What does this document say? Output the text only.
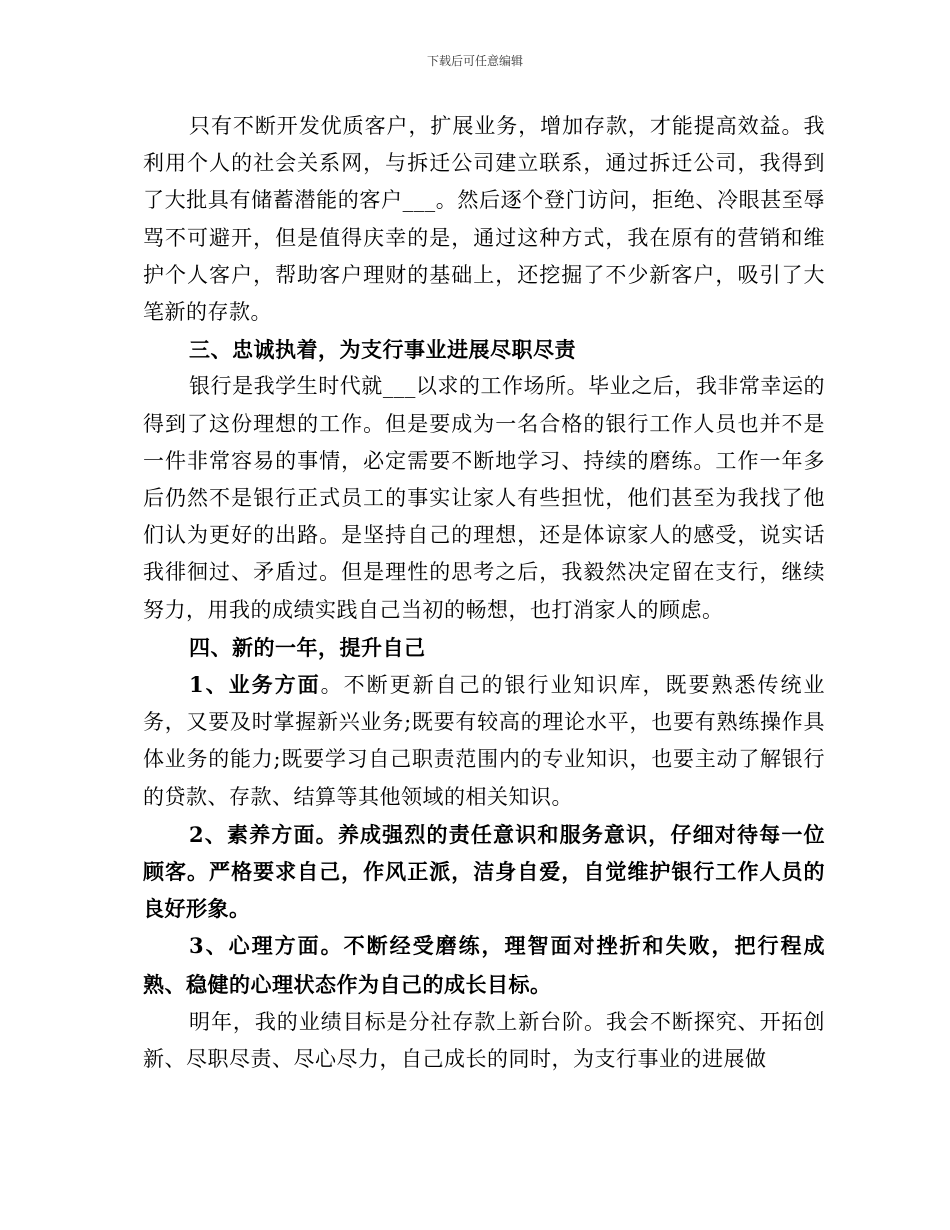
下载后可任意编辑

只有不断开发优质客户，扩展业务，增加存款，才能提高效益。我利用个人的社会关系网，与拆迁公司建立联系，通过拆迁公司，我得到了大批具有储蓄潜能的客户___。然后逐个登门访问，拒绝、冷眼甚至辱骂不可避开，但是值得庆幸的是，通过这种方式，我在原有的营销和维护个人客户，帮助客户理财的基础上，还挖掘了不少新客户，吸引了大笔新的存款。

三、忠诚执着，为支行事业进展尽职尽责

银行是我学生时代就___以求的工作场所。毕业之后，我非常幸运的得到了这份理想的工作。但是要成为一名合格的银行工作人员也并不是一件非常容易的事情，必定需要不断地学习、持续的磨练。工作一年多后仍然不是银行正式员工的事实让家人有些担忧，他们甚至为我找了他们认为更好的出路。是坚持自己的理想，还是体谅家人的感受，说实话我徘徊过、矛盾过。但是理性的思考之后，我毅然决定留在支行，继续努力，用我的成绩实践自己当初的畅想，也打消家人的顾虑。

四、新的一年，提升自己

1、业务方面。不断更新自己的银行业知识库，既要熟悉传统业务，又要及时掌握新兴业务;既要有较高的理论水平，也要有熟练操作具体业务的能力;既要学习自己职责范围内的专业知识，也要主动了解银行的贷款、存款、结算等其他领域的相关知识。

2、素养方面。养成强烈的责任意识和服务意识，仔细对待每一位顾客。严格要求自己，作风正派，洁身自爱，自觉维护银行工作人员的良好形象。

3、心理方面。不断经受磨练，理智面对挫折和失败，把行程成熟、稳健的心理状态作为自己的成长目标。

明年，我的业绩目标是分社存款上新台阶。我会不断探究、开拓创新、尽职尽责、尽心尽力，自己成长的同时，为支行事业的进展做
